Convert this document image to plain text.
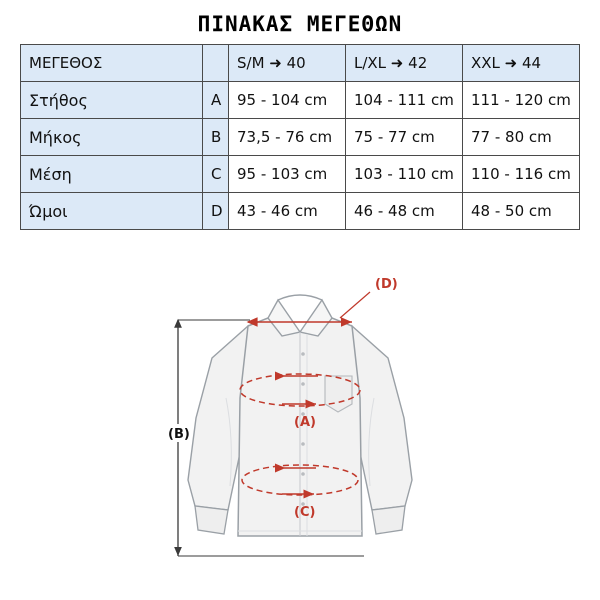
ΠΙΝΑΚΑΣ ΜΕΓΕΘΩΝ
ΜΕΓΕΘΟΣ		S/M ➜ 40	L/XL ➜ 42	XXL ➜ 44
Στήθος	A	95 - 104 cm	104 - 111 cm	111 - 120 cm
Μήκος	B	73,5 - 76 cm	75 - 77 cm	77 - 80 cm
Μέση	C	95 - 103 cm	103 - 110 cm	110 - 116 cm
Ώμοι	D	43 - 46 cm	46 - 48 cm	48 - 50 cm
(D)
(A)
(C)
(B)
